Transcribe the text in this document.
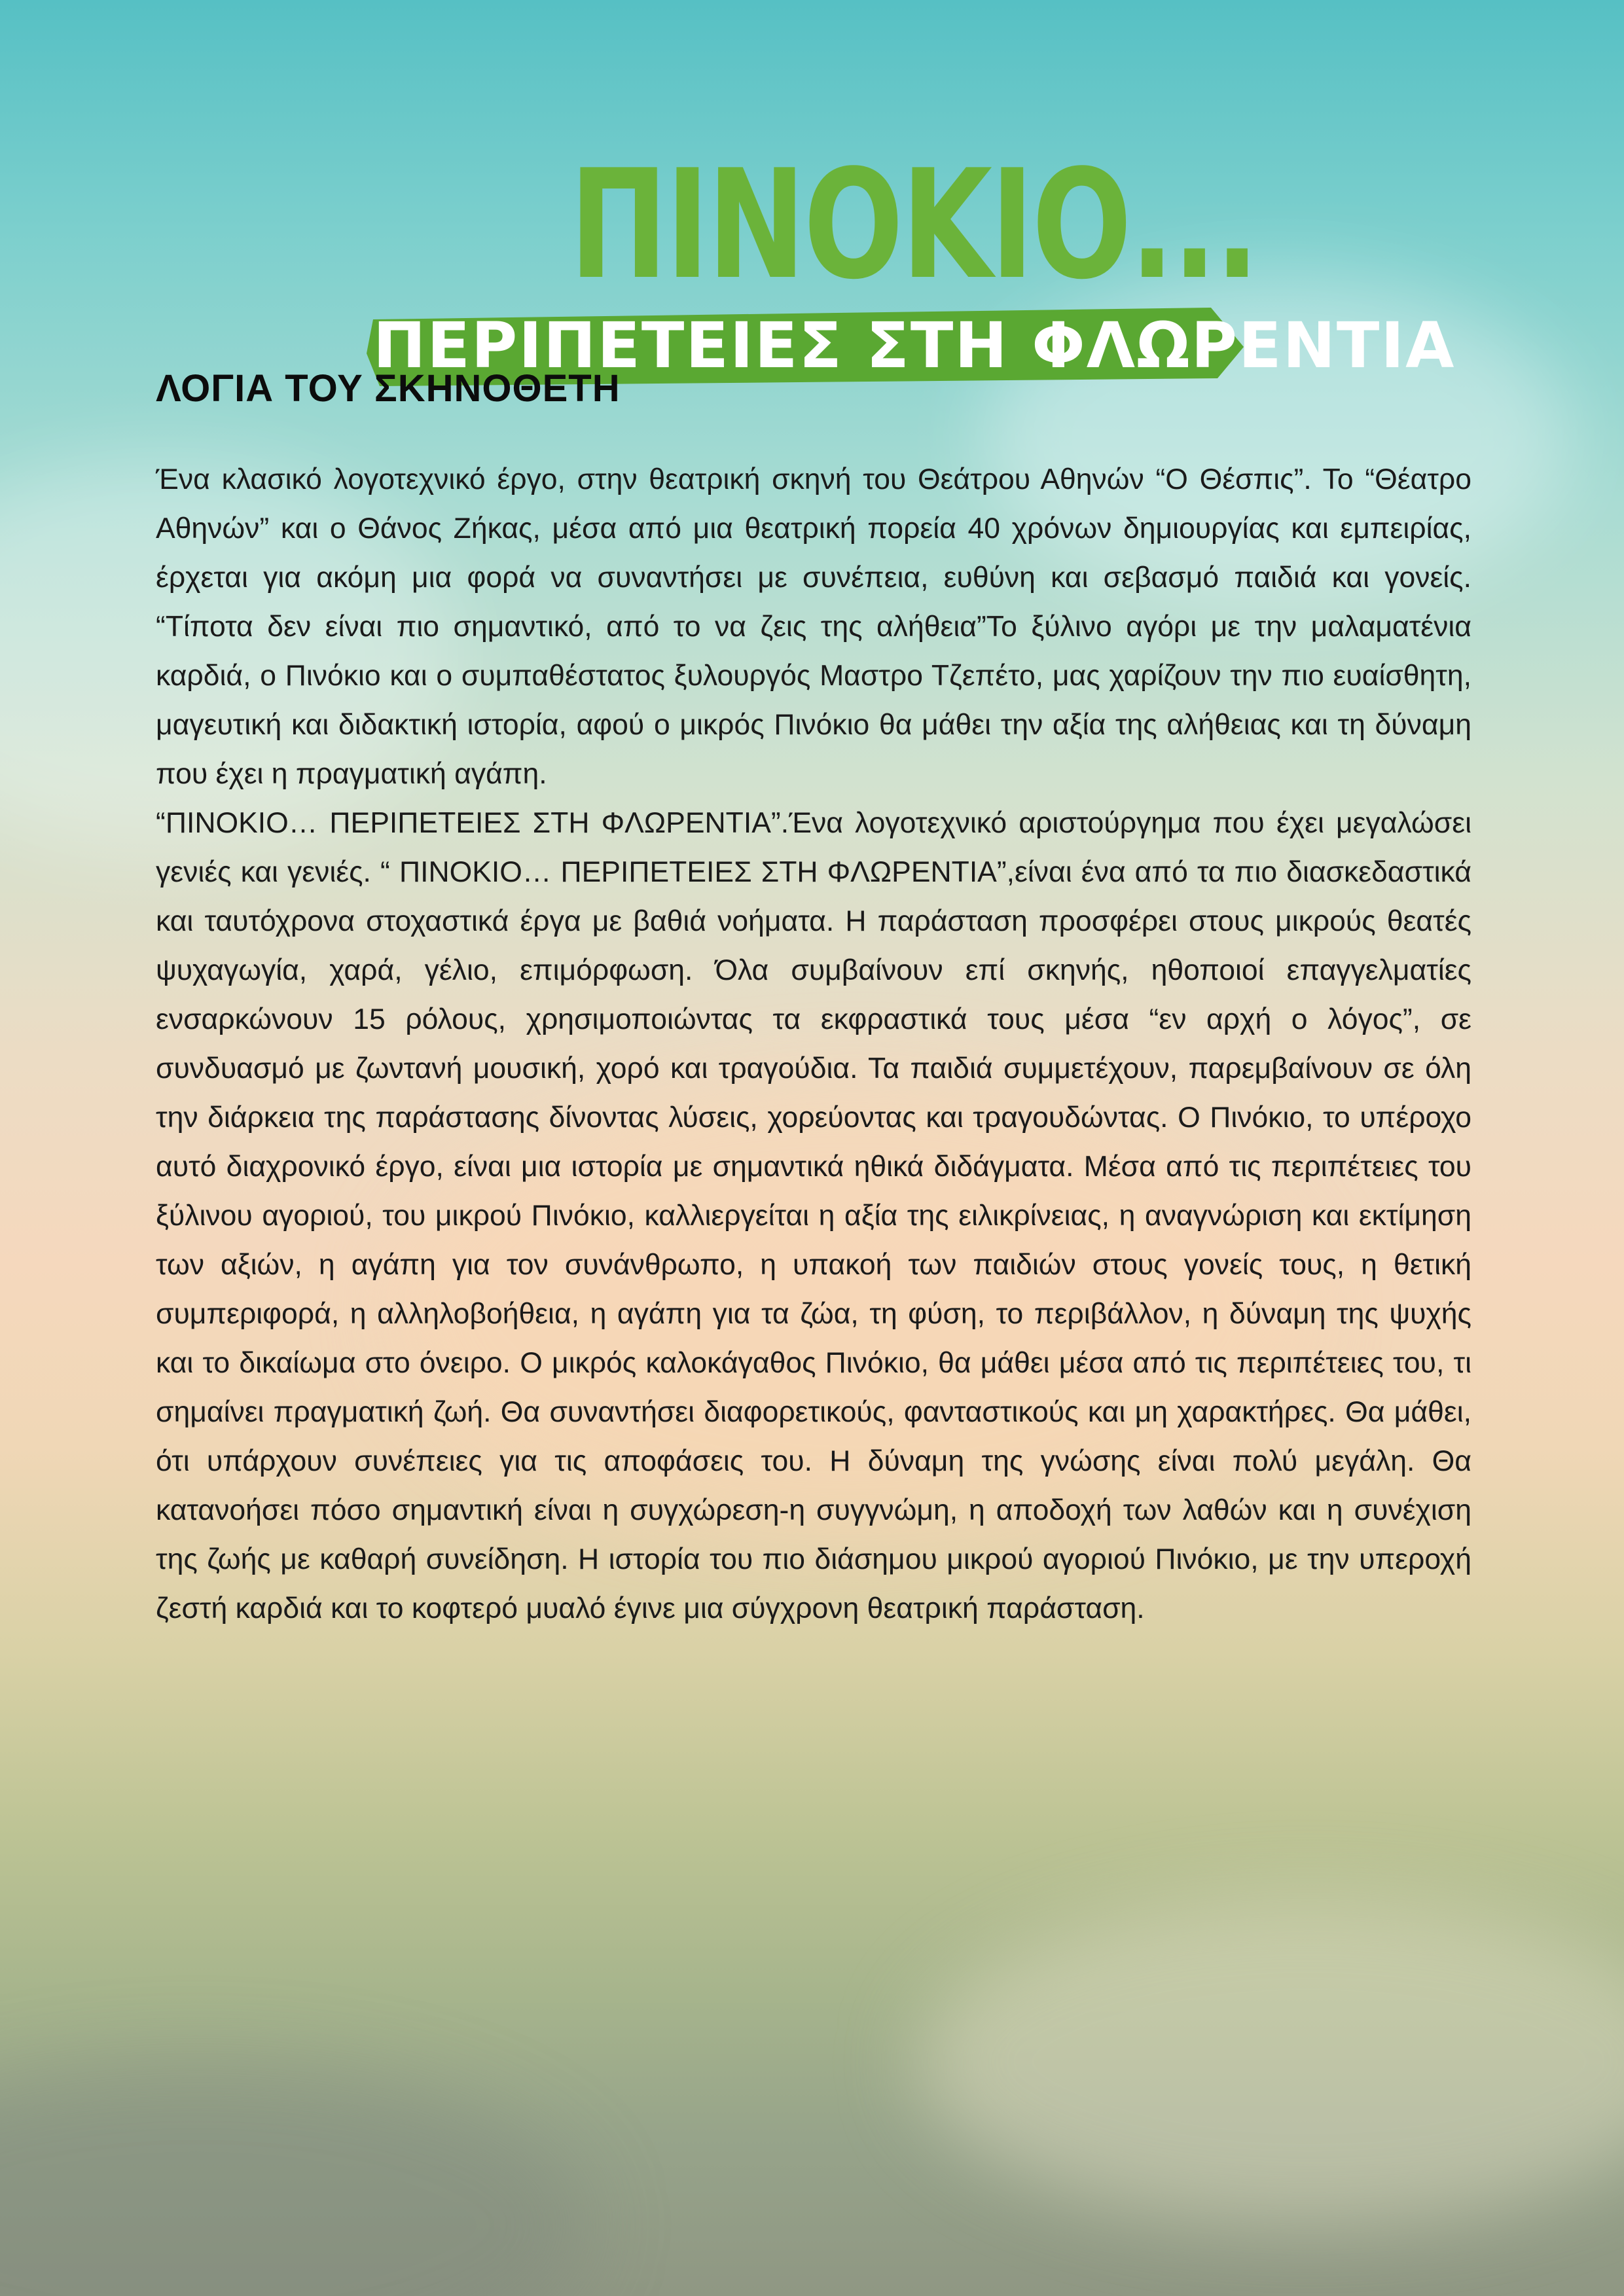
ΠΙΝΟΚΙΟ...
ΠΕΡΙΠΕΤΕΙΕΣ ΣΤΗ ΦΛΩΡΕΝΤΙΑ
ΛΟΓΙΑ ΤΟΥ ΣΚΗΝΟΘΕΤΗ

Ένα κλασικό λογοτεχνικό έργο, στην θεατρική σκηνή του Θεάτρου Αθηνών “Ο Θέσπις”. Το “Θέατρο Αθηνών” και ο Θάνος Ζήκας, μέσα από μια θεατρική πορεία 40 χρόνων δημιουργίας και εμπειρίας, έρχεται για ακόμη μια φορά να συναντήσει με συνέπεια, ευθύνη και σεβασμό παιδιά και γονείς. “Τίποτα δεν είναι πιο σημαντικό, από το να ζεις της αλήθεια”Το ξύλινο αγόρι με την μαλαματένια καρδιά, ο Πινόκιο και ο συμπαθέστατος ξυλουργός Μαστρο Τζεπέτο, μας χαρίζουν την πιο ευαίσθητη, μαγευτική και διδακτική ιστορία, αφού ο μικρός Πινόκιο θα μάθει την αξία της αλήθειας και τη δύναμη που έχει η πραγματική αγάπη.

“ΠΙΝΟΚΙΟ… ΠΕΡΙΠΕΤΕΙΕΣ ΣΤΗ ΦΛΩΡΕΝΤΙΑ”.Ένα λογοτεχνικό αριστούργημα που έχει μεγαλώσει γενιές και γενιές. “ ΠΙΝΟΚΙΟ… ΠΕΡΙΠΕΤΕΙΕΣ ΣΤΗ ΦΛΩΡΕΝΤΙΑ”,είναι ένα από τα πιο διασκεδαστικά και ταυτόχρονα στοχαστικά έργα με βαθιά νοήματα. Η παράσταση προσφέρει στους μικρούς θεατές ψυχαγωγία, χαρά, γέλιο, επιμόρφωση. Όλα συμβαίνουν επί σκηνής, ηθοποιοί επαγγελματίες ενσαρκώνουν 15 ρόλους, χρησιμοποιώντας τα εκφραστικά τους μέσα “εν αρχή ο λόγος”, σε συνδυασμό με ζωντανή μουσική, χορό και τραγούδια. Τα παιδιά συμμετέχουν, παρεμβαίνουν σε όλη την διάρκεια της παράστασης δίνοντας λύσεις, χορεύοντας και τραγουδώντας. Ο Πινόκιο, το υπέροχο αυτό διαχρονικό έργο, είναι μια ιστορία με σημαντικά ηθικά διδάγματα. Μέσα από τις περιπέτειες του ξύλινου αγοριού, του μικρού Πινόκιο, καλλιεργείται η αξία της ειλικρίνειας, η αναγνώριση και εκτίμηση των αξιών, η αγάπη για τον συνάνθρωπο, η υπακοή των παιδιών στους γονείς τους, η θετική συμπεριφορά, η αλληλοβοήθεια, η αγάπη για τα ζώα, τη φύση, το περιβάλλον, η δύναμη της ψυχής και το δικαίωμα στο όνειρο. Ο μικρός καλοκάγαθος Πινόκιο, θα μάθει μέσα από τις περιπέτειες του, τι σημαίνει πραγματική ζωή. Θα συναντήσει διαφορετικούς, φανταστικούς και μη χαρακτήρες. Θα μάθει, ότι υπάρχουν συνέπειες για τις αποφάσεις του. Η δύναμη της γνώσης είναι πολύ μεγάλη. Θα κατανοήσει πόσο σημαντική είναι η συγχώρεση-η συγγνώμη, η αποδοχή των λαθών και η συνέχιση της ζωής με καθαρή συνείδηση. Η ιστορία του πιο διάσημου μικρού αγοριού Πινόκιο, με την υπεροχή ζεστή καρδιά και το κοφτερό μυαλό έγινε μια σύγχρονη θεατρική παράσταση.
